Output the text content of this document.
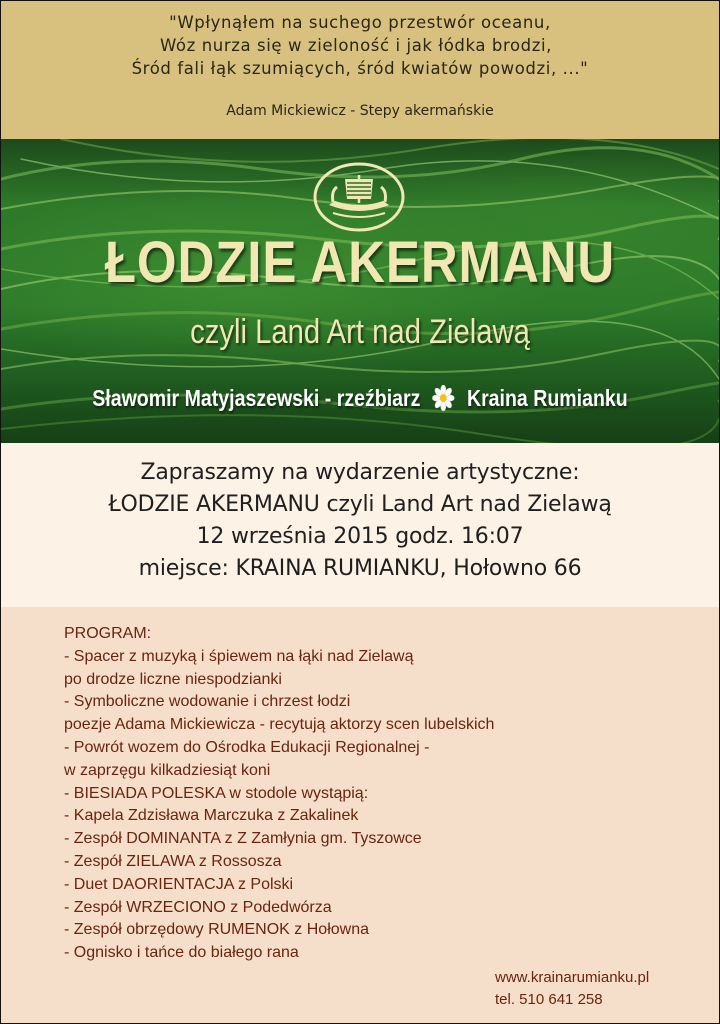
"Wpłynąłem na suchego przestwór oceanu,
Wóz nurza się w zieloność i jak łódka brodzi,
Śród fali łąk szumiących, śród kwiatów powodzi, ..."
Adam Mickiewicz - Stepy akermańskie
ŁODZIE AKERMANU
czyli Land Art nad Zielawą
Sławomir Matyjaszewski - rzeźbiarz Kraina Rumianku
Zapraszamy na wydarzenie artystyczne:
ŁODZIE AKERMANU czyli Land Art nad Zielawą
12 września 2015 godz. 16:07
miejsce: KRAINA RUMIANKU, Hołowno 66
PROGRAM:
- Spacer z muzyką i śpiewem na łąki nad Zielawą
po drodze liczne niespodzianki
- Symboliczne wodowanie i chrzest łodzi
poezje Adama Mickiewicza - recytują aktorzy scen lubelskich
- Powrót wozem do Ośrodka Edukacji Regionalnej -
w zaprzęgu kilkadziesiąt koni
- BIESIADA POLESKA w stodole wystąpią:
- Kapela Zdzisława Marczuka z Zakalinek
- Zespół DOMINANTA z Z Zamłynia gm. Tyszowce
- Zespół ZIELAWA z Rossosza
- Duet DAORIENTACJA z Polski
- Zespół WRZECIONO z Podedwórza
- Zespół obrzędowy RUMENOK z Hołowna
- Ognisko i tańce do białego rana
www.krainarumianku.pl
tel. 510 641 258
